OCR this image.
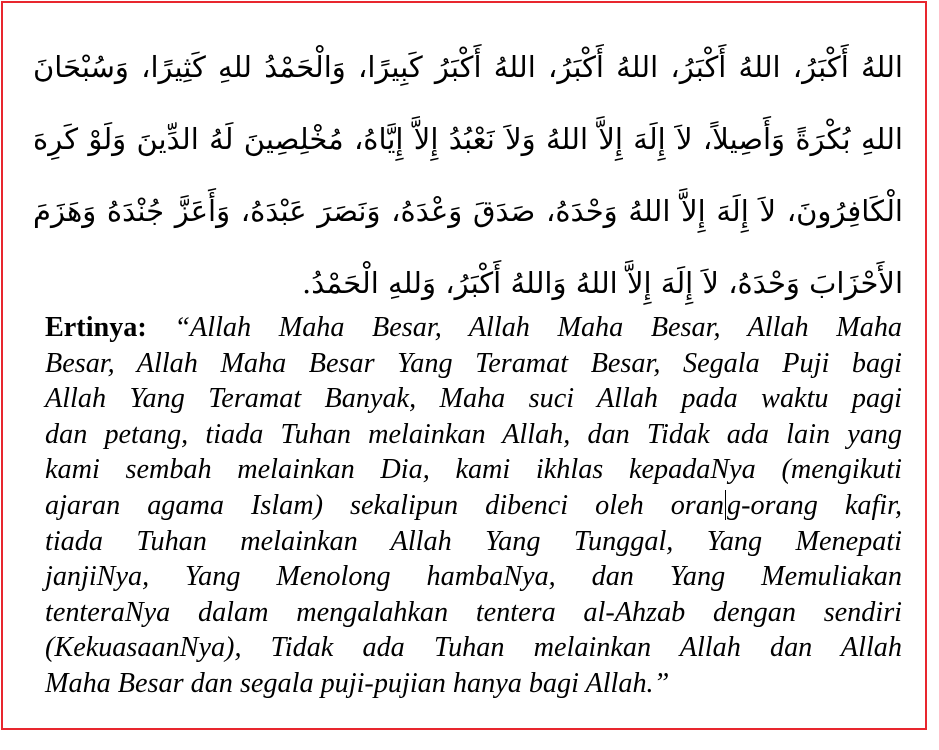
اللهُ أَكْبَرُ، اللهُ أَكْبَرُ، اللهُ أَكْبَرُ، اللهُ أَكْبَرُ كَبِيرًا، وَالْحَمْدُ للهِ كَثِيرًا، وَسُبْحَانَ
اللهِ بُكْرَةً وَأَصِيلاً، لاَ إِلَهَ إِلاَّ اللهُ وَلاَ نَعْبُدُ إِلاَّ إِيَّاهُ، مُخْلِصِينَ لَهُ الدِّينَ وَلَوْ كَرِهَ
الْكَافِرُونَ، لاَ إِلَهَ إِلاَّ اللهُ وَحْدَهُ، صَدَقَ وَعْدَهُ، وَنَصَرَ عَبْدَهُ، وَأَعَزَّ جُنْدَهُ وَهَزَمَ
الأَحْزَابَ وَحْدَهُ، لاَ إِلَهَ إِلاَّ اللهُ وَاللهُ أَكْبَرُ، وَللهِ الْحَمْدُ.
Ertinya: “Allah Maha Besar, Allah Maha Besar, Allah Maha
Besar, Allah Maha Besar Yang Teramat Besar, Segala Puji bagi
Allah Yang Teramat Banyak, Maha suci Allah pada waktu pagi
dan petang, tiada Tuhan melainkan Allah, dan Tidak ada lain yang
kami sembah melainkan Dia, kami ikhlas kepadaNya (mengikuti
ajaran agama Islam) sekalipun dibenci oleh oran g-orang kafir,
tiada Tuhan melainkan Allah Yang Tunggal, Yang Menepati
janjiNya, Yang Menolong hambaNya, dan Yang Memuliakan
tenteraNya dalam mengalahkan tentera al-Ahzab dengan sendiri
(KekuasaanNya), Tidak ada Tuhan melainkan Allah dan Allah
Maha Besar dan segala puji-pujian hanya bagi Allah.”
